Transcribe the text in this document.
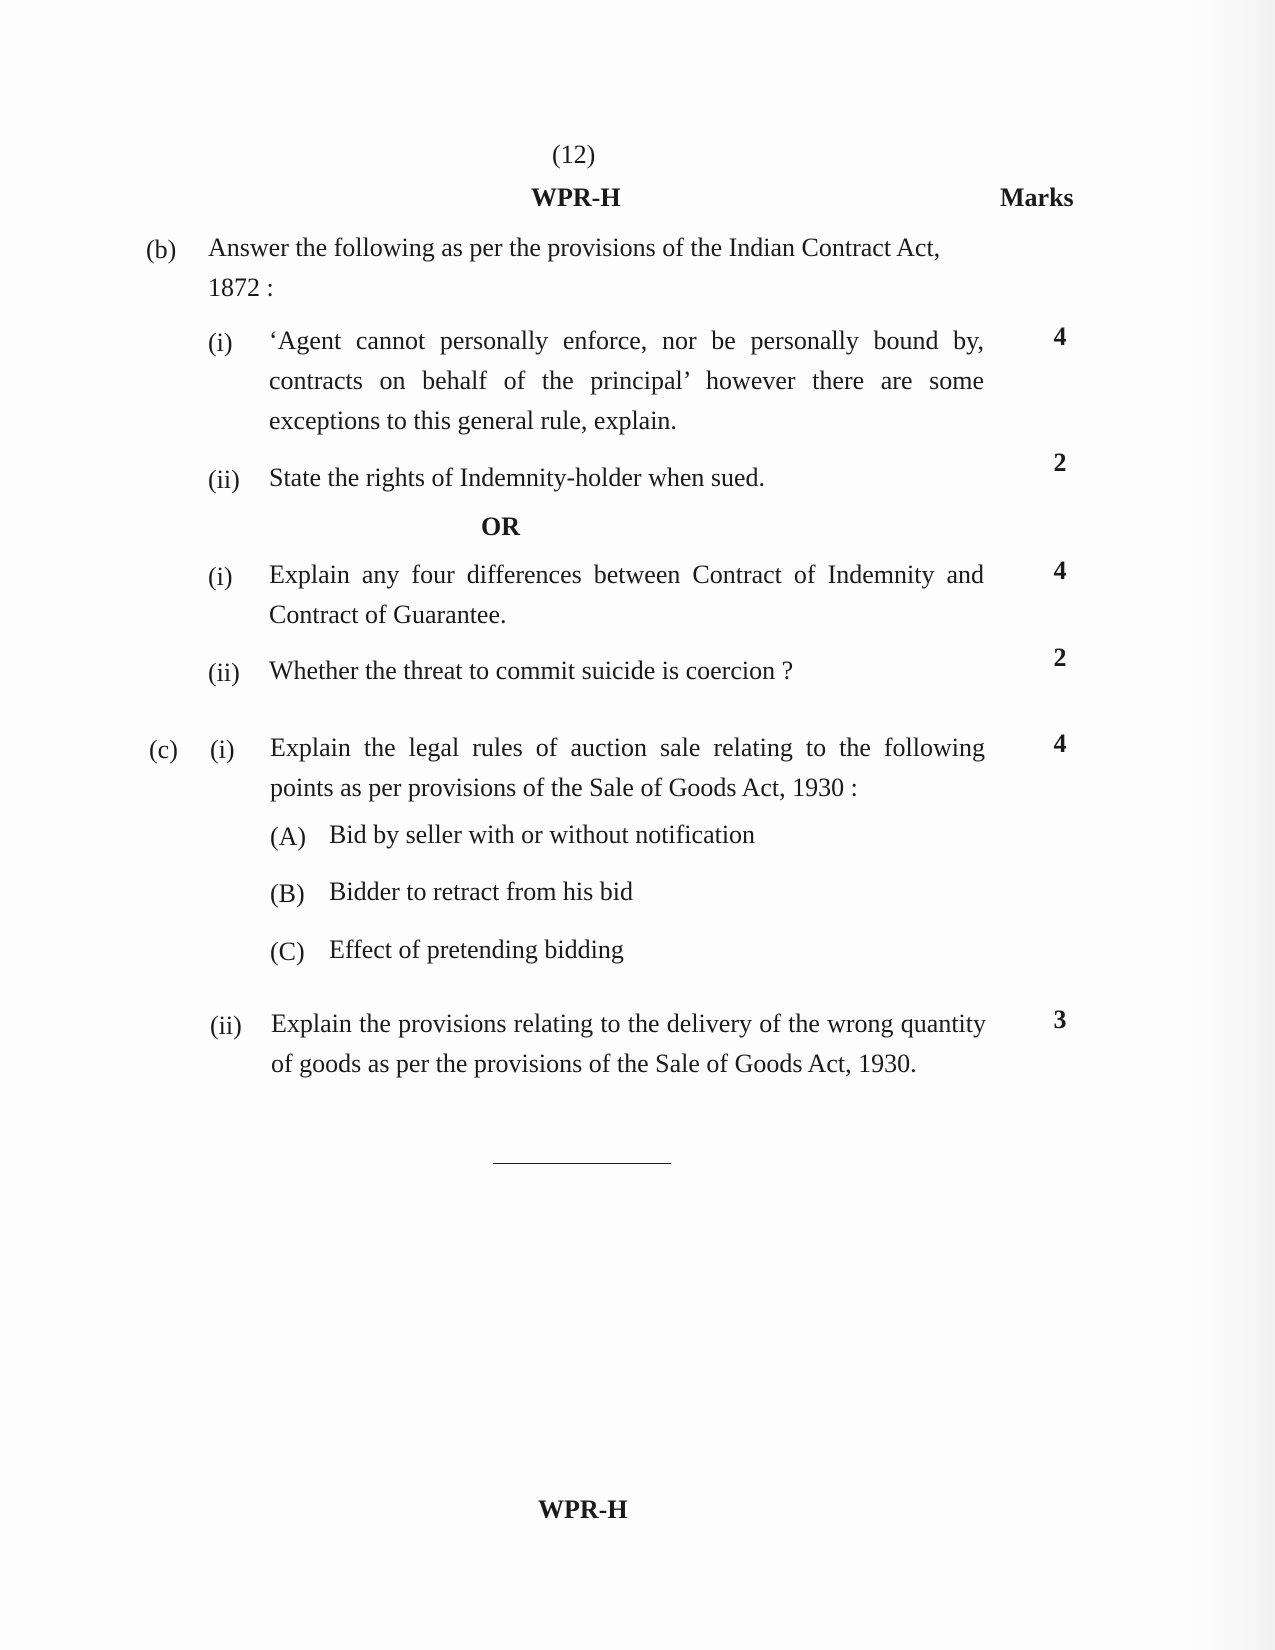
(12)
WPR-H	Marks
(b) Answer the following as per the provisions of the Indian Contract Act,
1872 :
(i) ‘Agent cannot personally enforce, nor be personally bound by, contracts on behalf of the principal’ however there are some exceptions to this general rule, explain.
4
(ii) State the rights of Indemnity-holder when sued.
2
OR
(i) Explain any four differences between Contract of Indemnity and Contract of Guarantee.
4
(ii) Whether the threat to commit suicide is coercion ?	2
(c) (i) Explain the legal rules of auction sale relating to the following points as per provisions of the Sale of Goods Act, 1930 :
4
(A) Bid by seller with or without notification
(B) Bidder to retract from his bid
(C) Effect of pretending bidding
(ii) Explain the provisions relating to the delivery of the wrong quantity of goods as per the provisions of the Sale of Goods Act, 1930.
3
WPR-H
